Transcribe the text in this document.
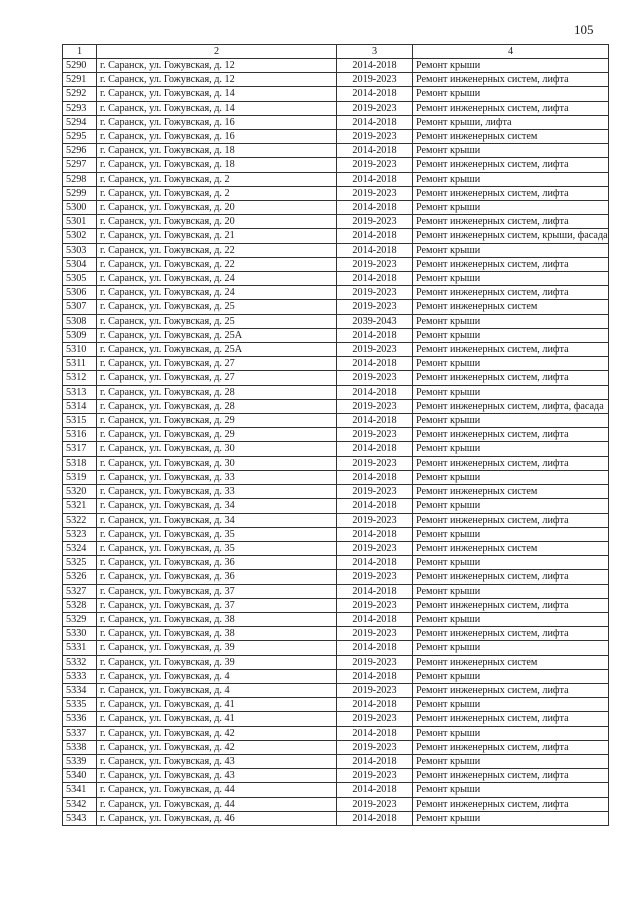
105
1	2	3	4
5290	г. Саранск, ул. Гожувская, д. 12	2014-2018	Ремонт крыши
5291	г. Саранск, ул. Гожувская, д. 12	2019-2023	Ремонт инженерных систем, лифта
5292	г. Саранск, ул. Гожувская, д. 14	2014-2018	Ремонт крыши
5293	г. Саранск, ул. Гожувская, д. 14	2019-2023	Ремонт инженерных систем, лифта
5294	г. Саранск, ул. Гожувская, д. 16	2014-2018	Ремонт крыши, лифта
5295	г. Саранск, ул. Гожувская, д. 16	2019-2023	Ремонт инженерных систем
5296	г. Саранск, ул. Гожувская, д. 18	2014-2018	Ремонт крыши
5297	г. Саранск, ул. Гожувская, д. 18	2019-2023	Ремонт инженерных систем, лифта
5298	г. Саранск, ул. Гожувская, д. 2	2014-2018	Ремонт крыши
5299	г. Саранск, ул. Гожувская, д. 2	2019-2023	Ремонт инженерных систем, лифта
5300	г. Саранск, ул. Гожувская, д. 20	2014-2018	Ремонт крыши
5301	г. Саранск, ул. Гожувская, д. 20	2019-2023	Ремонт инженерных систем, лифта
5302	г. Саранск, ул. Гожувская, д. 21	2014-2018	Ремонт инженерных систем, крыши, фасада
5303	г. Саранск, ул. Гожувская, д. 22	2014-2018	Ремонт крыши
5304	г. Саранск, ул. Гожувская, д. 22	2019-2023	Ремонт инженерных систем, лифта
5305	г. Саранск, ул. Гожувская, д. 24	2014-2018	Ремонт крыши
5306	г. Саранск, ул. Гожувская, д. 24	2019-2023	Ремонт инженерных систем, лифта
5307	г. Саранск, ул. Гожувская, д. 25	2019-2023	Ремонт инженерных систем
5308	г. Саранск, ул. Гожувская, д. 25	2039-2043	Ремонт крыши
5309	г. Саранск, ул. Гожувская, д. 25А	2014-2018	Ремонт крыши
5310	г. Саранск, ул. Гожувская, д. 25А	2019-2023	Ремонт инженерных систем, лифта
5311	г. Саранск, ул. Гожувская, д. 27	2014-2018	Ремонт крыши
5312	г. Саранск, ул. Гожувская, д. 27	2019-2023	Ремонт инженерных систем, лифта
5313	г. Саранск, ул. Гожувская, д. 28	2014-2018	Ремонт крыши
5314	г. Саранск, ул. Гожувская, д. 28	2019-2023	Ремонт инженерных систем, лифта, фасада
5315	г. Саранск, ул. Гожувская, д. 29	2014-2018	Ремонт крыши
5316	г. Саранск, ул. Гожувская, д. 29	2019-2023	Ремонт инженерных систем, лифта
5317	г. Саранск, ул. Гожувская, д. 30	2014-2018	Ремонт крыши
5318	г. Саранск, ул. Гожувская, д. 30	2019-2023	Ремонт инженерных систем, лифта
5319	г. Саранск, ул. Гожувская, д. 33	2014-2018	Ремонт крыши
5320	г. Саранск, ул. Гожувская, д. 33	2019-2023	Ремонт инженерных систем
5321	г. Саранск, ул. Гожувская, д. 34	2014-2018	Ремонт крыши
5322	г. Саранск, ул. Гожувская, д. 34	2019-2023	Ремонт инженерных систем, лифта
5323	г. Саранск, ул. Гожувская, д. 35	2014-2018	Ремонт крыши
5324	г. Саранск, ул. Гожувская, д. 35	2019-2023	Ремонт инженерных систем
5325	г. Саранск, ул. Гожувская, д. 36	2014-2018	Ремонт крыши
5326	г. Саранск, ул. Гожувская, д. 36	2019-2023	Ремонт инженерных систем, лифта
5327	г. Саранск, ул. Гожувская, д. 37	2014-2018	Ремонт крыши
5328	г. Саранск, ул. Гожувская, д. 37	2019-2023	Ремонт инженерных систем, лифта
5329	г. Саранск, ул. Гожувская, д. 38	2014-2018	Ремонт крыши
5330	г. Саранск, ул. Гожувская, д. 38	2019-2023	Ремонт инженерных систем, лифта
5331	г. Саранск, ул. Гожувская, д. 39	2014-2018	Ремонт крыши
5332	г. Саранск, ул. Гожувская, д. 39	2019-2023	Ремонт инженерных систем
5333	г. Саранск, ул. Гожувская, д. 4	2014-2018	Ремонт крыши
5334	г. Саранск, ул. Гожувская, д. 4	2019-2023	Ремонт инженерных систем, лифта
5335	г. Саранск, ул. Гожувская, д. 41	2014-2018	Ремонт крыши
5336	г. Саранск, ул. Гожувская, д. 41	2019-2023	Ремонт инженерных систем, лифта
5337	г. Саранск, ул. Гожувская, д. 42	2014-2018	Ремонт крыши
5338	г. Саранск, ул. Гожувская, д. 42	2019-2023	Ремонт инженерных систем, лифта
5339	г. Саранск, ул. Гожувская, д. 43	2014-2018	Ремонт крыши
5340	г. Саранск, ул. Гожувская, д. 43	2019-2023	Ремонт инженерных систем, лифта
5341	г. Саранск, ул. Гожувская, д. 44	2014-2018	Ремонт крыши
5342	г. Саранск, ул. Гожувская, д. 44	2019-2023	Ремонт инженерных систем, лифта
5343	г. Саранск, ул. Гожувская, д. 46	2014-2018	Ремонт крыши
